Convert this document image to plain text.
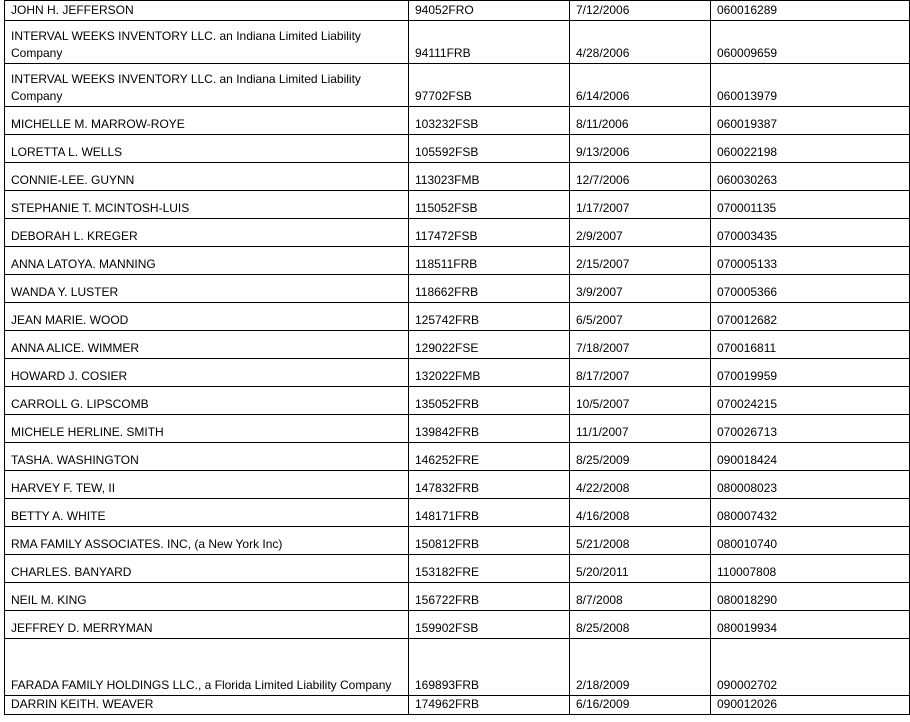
JOHN H. JEFFERSON	94052FRO	7/12/2006	060016289
INTERVAL WEEKS INVENTORY LLC. an Indiana Limited Liability Company	94111FRB	4/28/2006	060009659
INTERVAL WEEKS INVENTORY LLC. an Indiana Limited Liability Company	97702FSB	6/14/2006	060013979
MICHELLE M. MARROW-ROYE	103232FSB	8/11/2006	060019387
LORETTA L. WELLS	105592FSB	9/13/2006	060022198
CONNIE-LEE. GUYNN	113023FMB	12/7/2006	060030263
STEPHANIE T. MCINTOSH-LUIS	115052FSB	1/17/2007	070001135
DEBORAH L. KREGER	117472FSB	2/9/2007	070003435
ANNA LATOYA. MANNING	118511FRB	2/15/2007	070005133
WANDA Y. LUSTER	118662FRB	3/9/2007	070005366
JEAN MARIE. WOOD	125742FRB	6/5/2007	070012682
ANNA ALICE. WIMMER	129022FSE	7/18/2007	070016811
HOWARD J. COSIER	132022FMB	8/17/2007	070019959
CARROLL G. LIPSCOMB	135052FRB	10/5/2007	070024215
MICHELE HERLINE. SMITH	139842FRB	11/1/2007	070026713
TASHA. WASHINGTON	146252FRE	8/25/2009	090018424
HARVEY F. TEW, II	147832FRB	4/22/2008	080008023
BETTY A. WHITE	148171FRB	4/16/2008	080007432
RMA FAMILY ASSOCIATES. INC, (a New York Inc)	150812FRB	5/21/2008	080010740
CHARLES. BANYARD	153182FRE	5/20/2011	110007808
NEIL M. KING	156722FRB	8/7/2008	080018290
JEFFREY D. MERRYMAN	159902FSB	8/25/2008	080019934
FARADA FAMILY HOLDINGS LLC., a Florida Limited Liability Company	169893FRB	2/18/2009	090002702
DARRIN KEITH. WEAVER	174962FRB	6/16/2009	090012026
